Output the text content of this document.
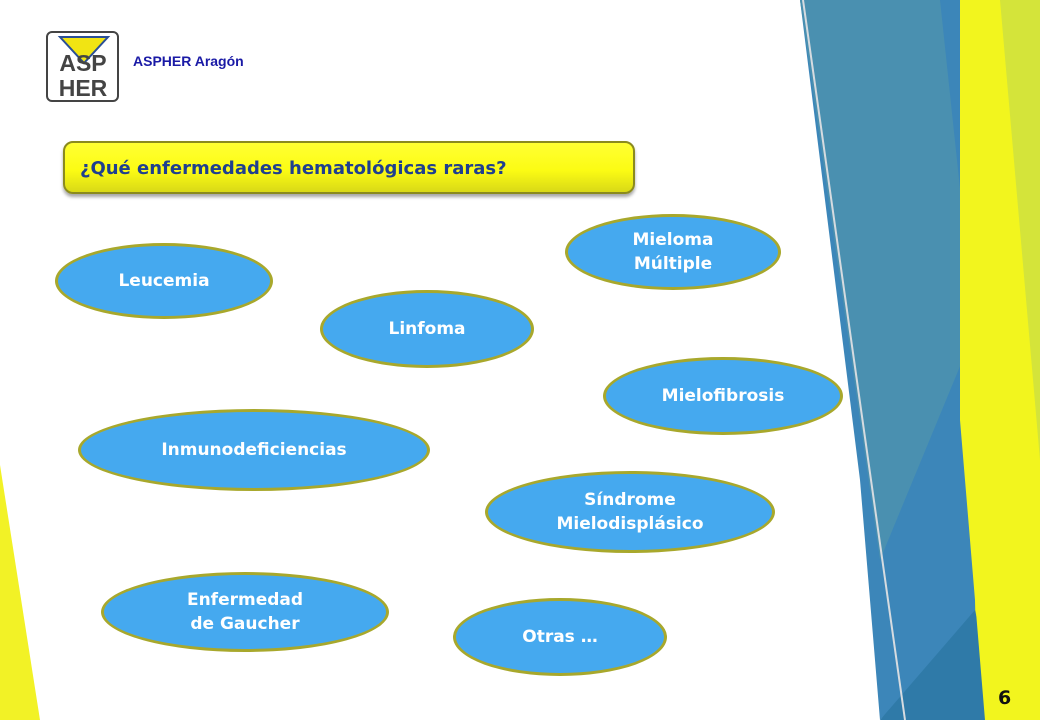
ASP
HER
ASPHER Aragón
¿Qué enfermedades hematológicas raras?
Leucemia
Linfoma
Mieloma
Múltiple
Mielofibrosis
Inmunodeficiencias
Síndrome
Mielodisplásico
Enfermedad
de Gaucher
Otras …
6
